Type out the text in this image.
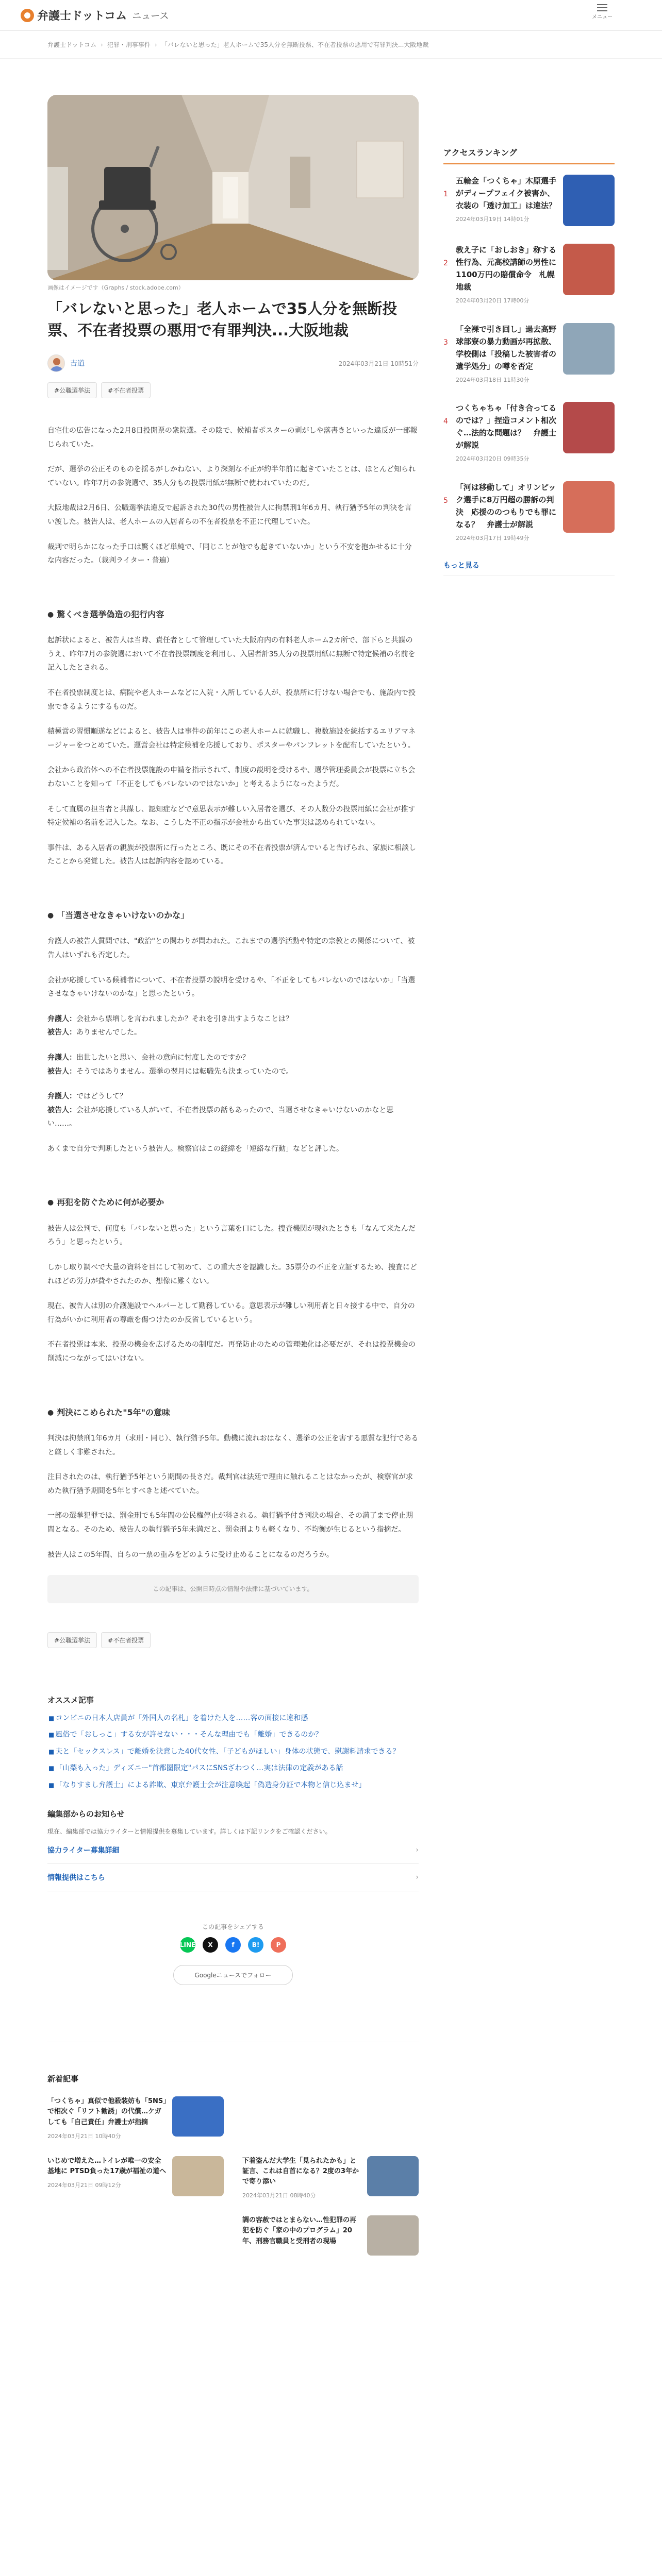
弁護士ドットコム ニュース	メニュー
弁護士ドットコム › 犯罪・刑事事件 › 「バレないと思った」老人ホームで35人分を無断投票、不在者投票の悪用で有罪判決...大阪地裁
画像はイメージです（Graphs / stock.adobe.com）
「バレないと思った」老人ホームで35人分を無断投票、不在者投票の悪用で有罪判決...大阪地裁
吉道	2024年03月21日 10時51分
#公職選挙法	#不在者投票

自宅仕の広告になった2月8日投開票の衆院選。その陰で、候補者ポスターの剥がしや落書きといった違反が一部報じられていた。

だが、選挙の公正そのものを揺るがしかねない、より深刻な不正が約半年前に起きていたことは、ほとんど知られていない。昨年7月の参院選で、35人分もの投票用紙が無断で使われていたのだ。

大阪地裁は2月6日、公職選挙法違反で起訴された30代の男性被告人に拘禁刑1年6カ月、執行猶予5年の判決を言い渡した。被告人は、老人ホームの入居者らの不在者投票を不正に代理していた。

裁判で明らかになった手口は驚くほど単純で、「同じことが他でも起きていないか」という不安を抱かせるに十分な内容だった。（裁判ライター・普遍）

● 驚くべき選挙偽造の犯行内容

起訴状によると、被告人は当時、責任者として管理していた大阪府内の有料老人ホーム2カ所で、部下らと共謀のうえ、昨年7月の参院選において不在者投票制度を利用し、入居者計35人分の投票用紙に無断で特定候補の名前を記入したとされる。

不在者投票制度とは、病院や老人ホームなどに入院・入所している人が、投票所に行けない場合でも、施設内で投票できるようにするものだ。

積極営の習慣順遂などによると、被告人は事件の前年にこの老人ホームに就職し、複数施設を統括するエリアマネージャーをつとめていた。運営会社は特定候補を応援しており、ポスターやパンフレットを配布していたという。

会社から政治体への不在者投票施設の申請を指示されて、制度の説明を受けるや、選挙管理委員会が投票に立ち会わないことを知って「不正をしてもバレないのではないか」と考えるようになったようだ。

そして直属の担当者と共謀し、認知症などで意思表示が難しい入居者を選び、その人数分の投票用紙に会社が推す特定候補の名前を記入した。なお、こうした不正の指示が会社から出ていた事実は認められていない。

事件は、ある入居者の親族が投票所に行ったところ、既にその不在者投票が済んでいると告げられ、家族に相談したことから発覚した。被告人は起訴内容を認めている。

● 「当選させなきゃいけないのかな」

弁護人の被告人質問では、"政治"との関わりが問われた。これまでの選挙活動や特定の宗教との関係について、被告人はいずれも否定した。

会社が応援している候補者について、不在者投票の説明を受けるや、「不正をしてもバレないのではないか」「当選させなきゃいけないのかな」と思ったという。

弁護人：会社から票増しを言われましたか？それを引き出すようなことは？
被告人：ありませんでした。

弁護人：出世したいと思い、会社の意向に忖度したのですか？
被告人：そうではありません。選挙の翌月には転職先も決まっていたので。

弁護人：ではどうして？
被告人：会社が応援している人がいて、不在者投票の話もあったので、当選させなきゃいけないのかなと思い……。

あくまで自分で判断したという被告人。検察官はこの経緯を「短絡な行動」などと評した。

● 再犯を防ぐために何が必要か

被告人は公判で、何度も「バレないと思った」という言葉を口にした。捜査機関が現れたときも「なんて来たんだろう」と思ったという。

しかし取り調べで大量の資料を目にして初めて、この重大さを認識した。35票分の不正を立証するため、捜査にどれほどの労力が費やされたのか、想像に難くない。

現在、被告人は別の介護施設でヘルパーとして勤務している。意思表示が難しい利用者と日々接する中で、自分の行為がいかに利用者の尊厳を傷つけたのか反省しているという。

不在者投票は本来、投票の機会を広げるための制度だ。再発防止のための管理強化は必要だが、それは投票機会の削減につながってはいけない。

● 判決にこめられた"5年"の意味

判決は拘禁刑1年6カ月（求刑・同じ）、執行猶予5年。動機に流れおはなく、選挙の公正を害する悪質な犯行であると厳しく非難された。

注目されたのは、執行猶予5年という期間の長さだ。裁判官は法廷で理由に触れることはなかったが、検察官が求めた執行猶予期間を5年とすべきと述べていた。

一部の選挙犯罪では、罰金刑でも5年間の公民権停止が科される。執行猶予付き判決の場合、その満了まで停止期間となる。そのため、被告人の執行猶予5年未満だと、罰金刑よりも軽くなり、不均衡が生じるという指摘だ。

被告人はこの5年間、自らの一票の重みをどのように受け止めることになるのだろうか。

この記事は、公開日時点の情報や法律に基づいています。
#公職選挙法	#不在者投票
オススメ記事
■ コンビニの日本人店員が「外国人の名札」を着けた人を……客の面接に違和感
■ 風俗で「おしっこ」する女が許せない・・・そんな理由でも「離婚」できるのか？
■ 夫と「セックスレス」で離婚を決意した40代女性、「子どもがほしい」身体の状態で、慰謝料請求できる？
■ 「山梨も入った」ディズニー"首都圏限定"パスにSNSざわつく…実は法律の定義がある話
■ 「なりすまし弁護士」による詐欺、東京弁護士会が注意喚起「偽造身分証で本物と信じ込ませ」
編集部からのお知らせ

現在、編集部では協力ライターと情報提供を募集しています。詳しくは下記リンクをご確認ください。

協力ライター募集詳細	›
情報提供はこちら	›
この記事をシェアする
LINE	X	f	B!	P
Googleニュースでフォロー
新着記事
「つくちゃ」真似で他殺装妨も「5NS」で相次ぐ「リフト勧誘」の代償…ケガしても「自己責任」弁護士が指摘
2024年03月21日 10時40分
いじめで増えた…トイレが唯一の安全基地に PTSD負った17歳が福祉の道へ
2024年03月21日 09時12分
下着盗んだ大学生「見られたかも」と証言、これは自首になる？2度の3年かで寄り添い
2024年03月21日 08時40分
調の容赦ではとまらない…性犯罪の再犯を防ぐ「家の中のプログラム」20年、刑務官職員と受刑者の現場
アクセスランキング
1
五輪金「つくちゃ」木原選手がディープフェイク被害か、衣装の「透け加工」は違法？
2024年03月19日 14時01分
2
教え子に「おしおき」称する性行為、元高校講師の男性に1100万円の賠償命令　札幌地裁
2024年03月20日 17時00分
3
「全裸で引き回し」過去高野球部寮の暴力動画が再拡散、学校側は「投稿した被害者の遺学処分」の噂を否定
2024年03月18日 11時30分
4
つくちゃちゃ「付き合ってるのでは？」捏造コメント相次ぐ…法的な問題は？　弁護士が解説
2024年03月20日 09時35分
5
「河は移動して」オリンピック選手に8万円超の勝訴の判決　応援ののつもりでも罪になる？　弁護士が解説
2024年03月17日 19時49分
もっと見る
